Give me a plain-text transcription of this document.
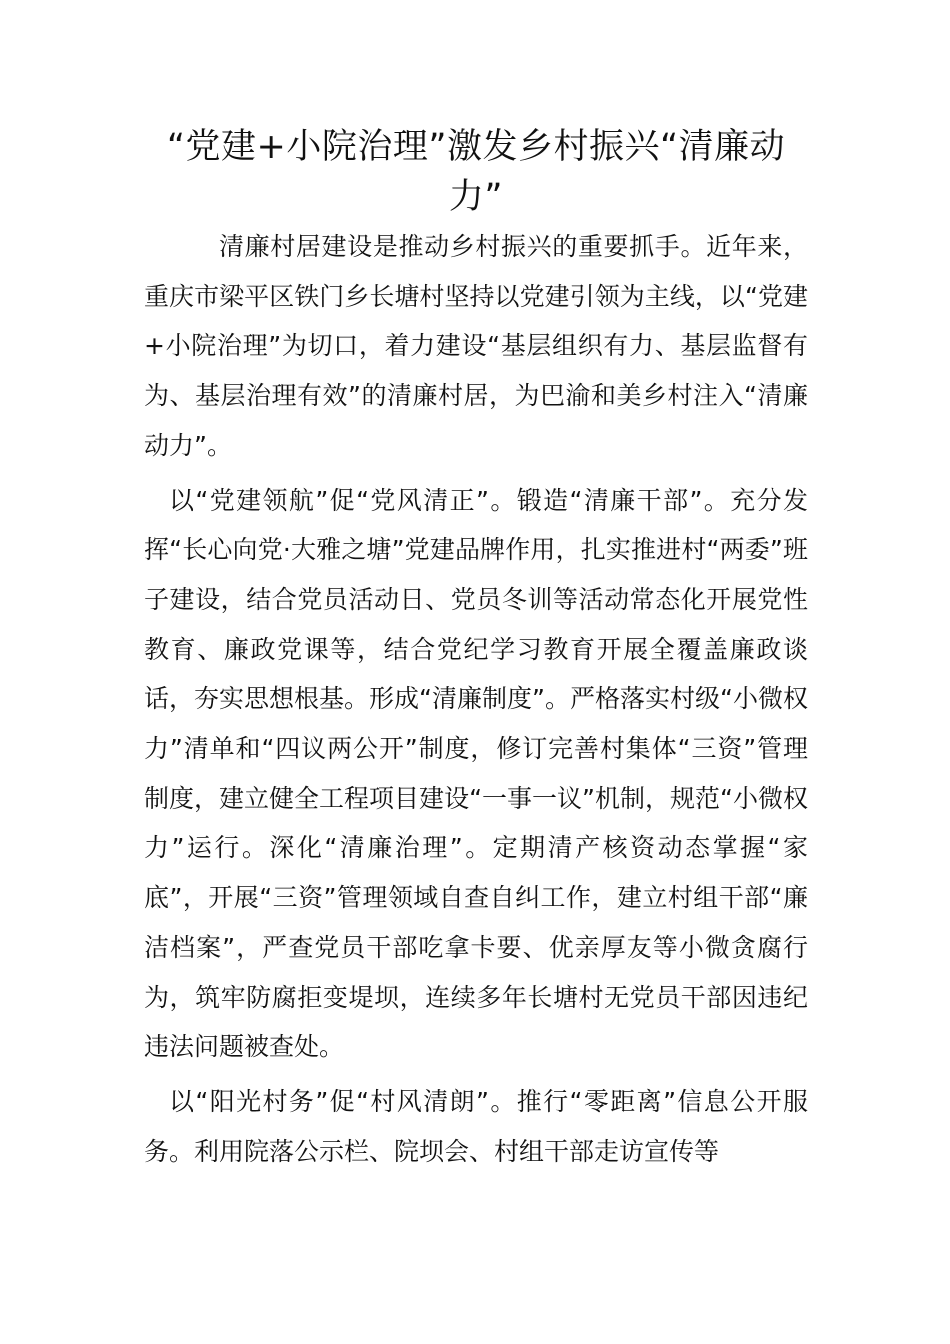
“党建+小院治理”激发乡村振兴“清廉动力”

清廉村居建设是推动乡村振兴的重要抓手。近年来，重庆市梁平区铁门乡长塘村坚持以党建引领为主线，以“党建+小院治理”为切口，着力建设“基层组织有力、基层监督有为、基层治理有效”的清廉村居，为巴渝和美乡村注入“清廉动力”。

以“党建领航”促“党风清正”。锻造“清廉干部”。充分发挥“长心向党·大雅之塘”党建品牌作用，扎实推进村“两委”班子建设，结合党员活动日、党员冬训等活动常态化开展党性教育、廉政党课等，结合党纪学习教育开展全覆盖廉政谈话，夯实思想根基。形成“清廉制度”。严格落实村级“小微权力”清单和“四议两公开”制度，修订完善村集体“三资”管理制度，建立健全工程项目建设“一事一议”机制，规范“小微权力”运行。深化“清廉治理”。定期清产核资动态掌握“家底”，开展“三资”管理领域自查自纠工作，建立村组干部“廉洁档案”，严查党员干部吃拿卡要、优亲厚友等小微贪腐行为，筑牢防腐拒变堤坝，连续多年长塘村无党员干部因违纪违法问题被查处。

以“阳光村务”促“村风清朗”。推行“零距离”信息公开服务。利用院落公示栏、院坝会、村组干部走访宣传等
